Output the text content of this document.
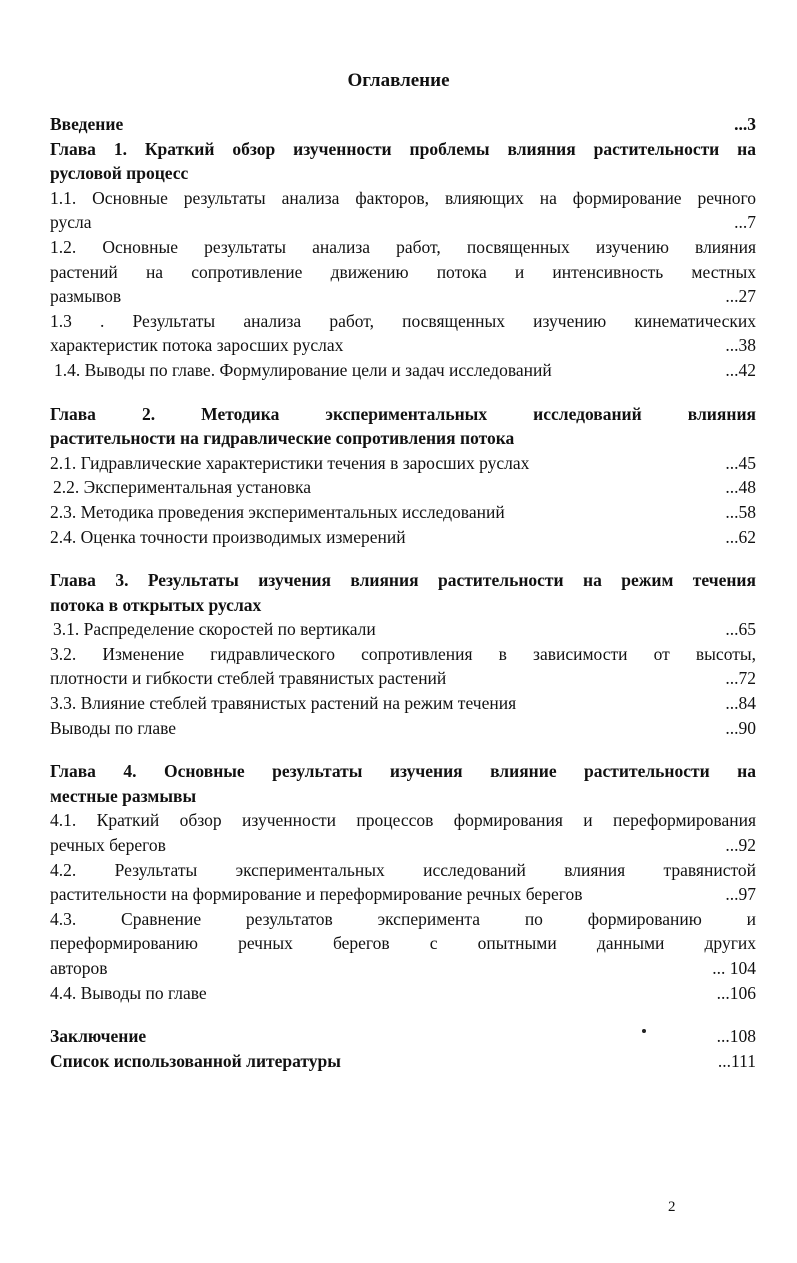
Оглавление
Введение	...3
Глава 1. Краткий обзор изученности проблемы влияния растительности на
русловой процесс
1.1. Основные результаты анализа факторов, влияющих на формирование речного
русла	...7
1.2. Основные результаты анализа работ, посвященных изучению влияния
растений на сопротивление движению потока и интенсивность местных
размывов	...27
1.3 . Результаты анализа работ, посвященных изучению кинематических
характеристик потока заросших руслах	...38
1.4. Выводы по главе. Формулирование цели и задач исследований	...42
Глава 2. Методика экспериментальных исследований влияния
растительности на гидравлические сопротивления потока
2.1. Гидравлические характеристики течения в заросших руслах	...45
2.2. Экспериментальная установка	...48
2.3. Методика проведения экспериментальных исследований	...58
2.4. Оценка точности производимых измерений	...62
Глава 3. Результаты изучения влияния растительности на режим течения
потока в открытых руслах
3.1. Распределение скоростей по вертикали	...65
3.2. Изменение гидравлического сопротивления в зависимости от высоты,
плотности и гибкости стеблей травянистых растений	...72
3.3. Влияние стеблей травянистых растений на режим течения	...84
Выводы по главе	...90
Глава 4. Основные результаты изучения влияние растительности на
местные размывы
4.1. Краткий обзор изученности процессов формирования и переформирования
речных берегов	...92
4.2. Результаты экспериментальных исследований влияния травянистой
растительности на формирование и переформирование речных берегов	...97
4.3. Сравнение результатов эксперимента по формированию и
переформированию речных берегов с опытными данными других
авторов	... 104
4.4. Выводы по главе	...106
Заключение	...108
Список использованной литературы	...111
2
